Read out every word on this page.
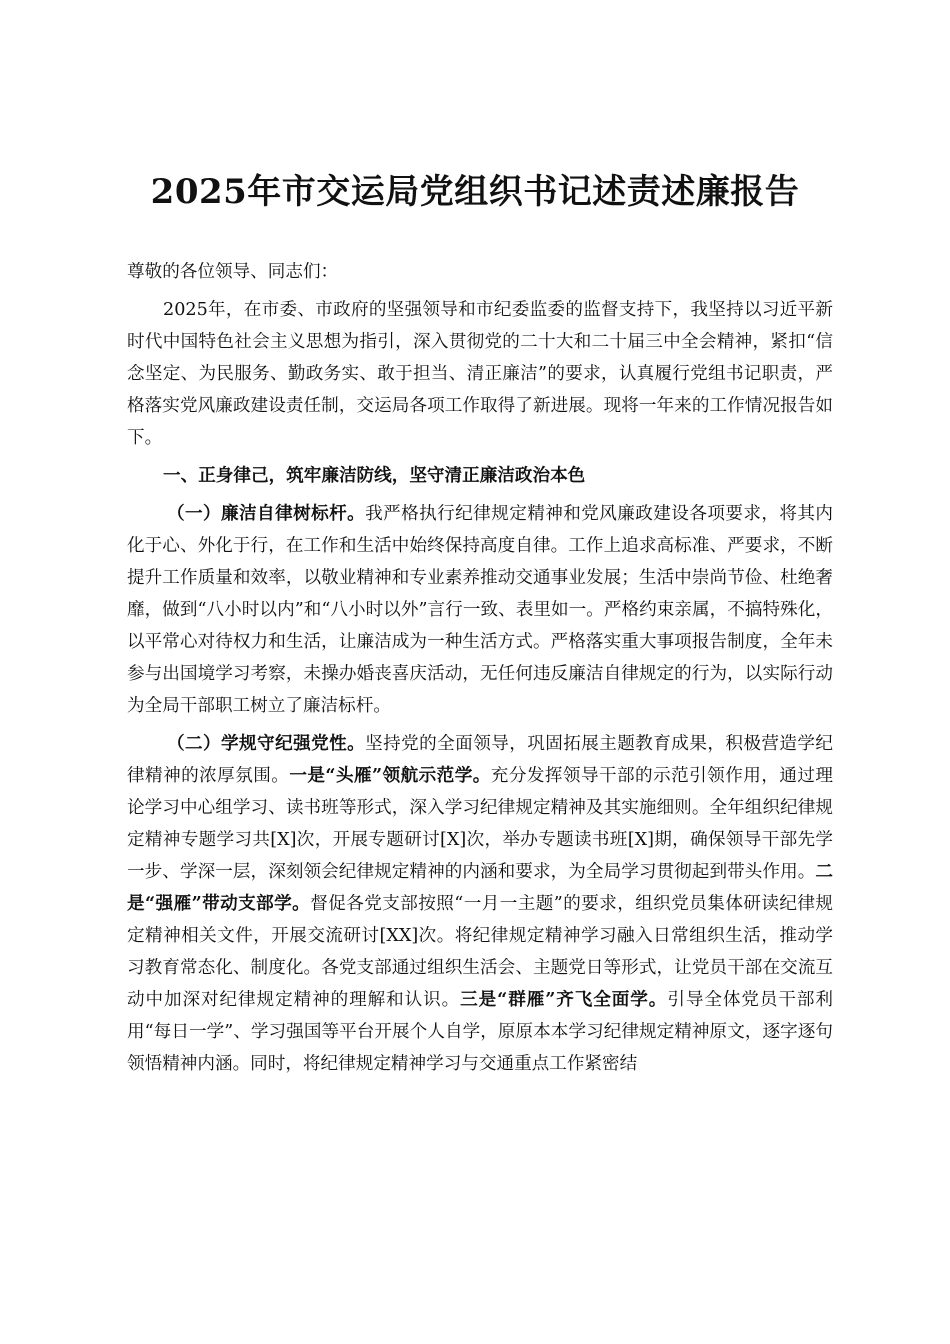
2025年市交运局党组织书记述责述廉报告

尊敬的各位领导、同志们：

2025年，在市委、市政府的坚强领导和市纪委监委的监督支持下，我坚持以习近平新时代中国特色社会主义思想为指引，深入贯彻党的二十大和二十届三中全会精神，紧扣“信念坚定、为民服务、勤政务实、敢于担当、清正廉洁”的要求，认真履行党组书记职责，严格落实党风廉政建设责任制，交运局各项工作取得了新进展。现将一年来的工作情况报告如下。

一、正身律己，筑牢廉洁防线，坚守清正廉洁政治本色

（一）廉洁自律树标杆。我严格执行纪律规定精神和党风廉政建设各项要求，将其内化于心、外化于行，在工作和生活中始终保持高度自律。工作上追求高标准、严要求，不断提升工作质量和效率，以敬业精神和专业素养推动交通事业发展；生活中崇尚节俭、杜绝奢靡，做到“八小时以内”和“八小时以外”言行一致、表里如一。严格约束亲属，不搞特殊化，以平常心对待权力和生活，让廉洁成为一种生活方式。严格落实重大事项报告制度，全年未参与出国境学习考察，未操办婚丧喜庆活动，无任何违反廉洁自律规定的行为，以实际行动为全局干部职工树立了廉洁标杆。

（二）学规守纪强党性。坚持党的全面领导，巩固拓展主题教育成果，积极营造学纪律精神的浓厚氛围。一是“头雁”领航示范学。充分发挥领导干部的示范引领作用，通过理论学习中心组学习、读书班等形式，深入学习纪律规定精神及其实施细则。全年组织纪律规定精神专题学习共[X]次，开展专题研讨[X]次，举办专题读书班[X]期，确保领导干部先学一步、学深一层，深刻领会纪律规定精神的内涵和要求，为全局学习贯彻起到带头作用。二是“强雁”带动支部学。督促各党支部按照“一月一主题”的要求，组织党员集体研读纪律规定精神相关文件，开展交流研讨[XX]次。将纪律规定精神学习融入日常组织生活，推动学习教育常态化、制度化。各党支部通过组织生活会、主题党日等形式，让党员干部在交流互动中加深对纪律规定精神的理解和认识。三是“群雁”齐飞全面学。引导全体党员干部利用“每日一学”、学习强国等平台开展个人自学，原原本本学习纪律规定精神原文，逐字逐句领悟精神内涵。同时，将纪律规定精神学习与交通重点工作紧密结
